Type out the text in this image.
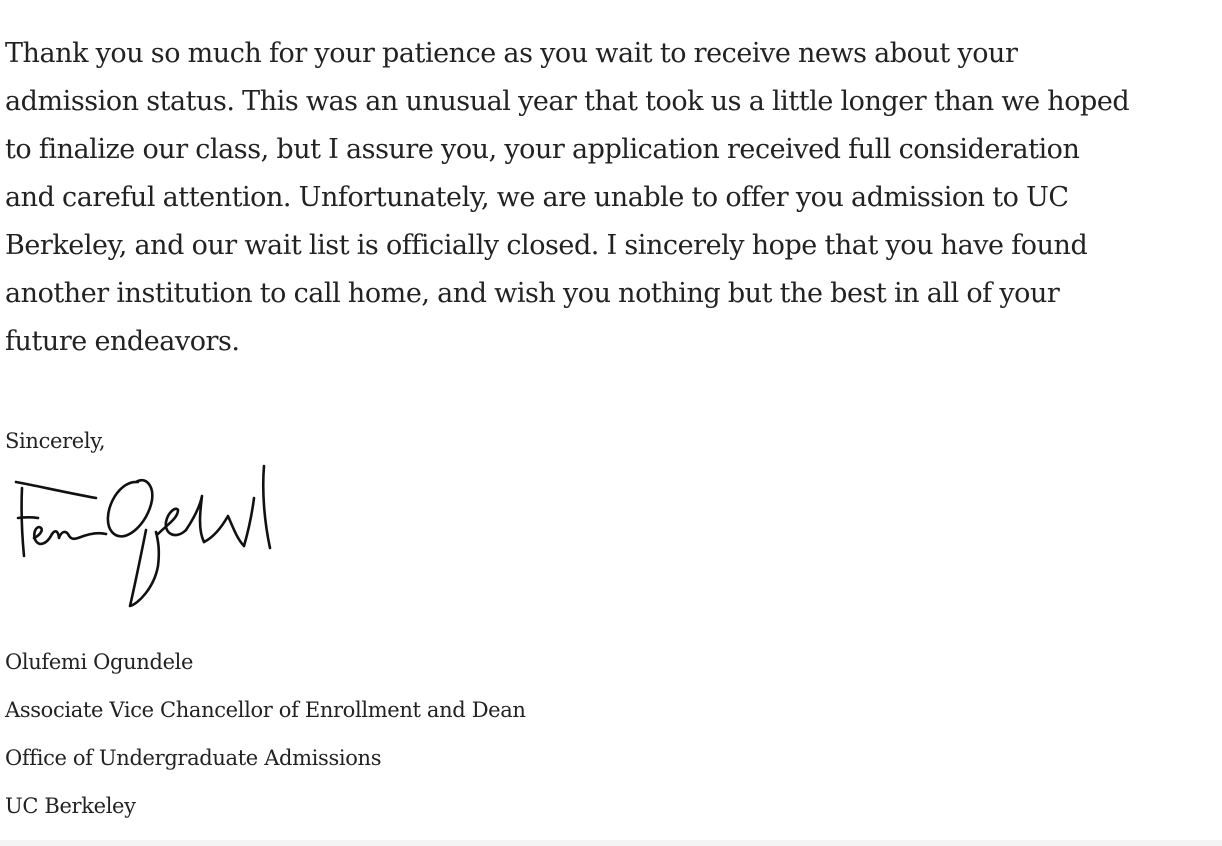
Thank you so much for your patience as you wait to receive news about your
admission status. This was an unusual year that took us a little longer than we hoped
to finalize our class, but I assure you, your application received full consideration
and careful attention. Unfortunately, we are unable to offer you admission to UC
Berkeley, and our wait list is officially closed. I sincerely hope that you have found
another institution to call home, and wish you nothing but the best in all of your
future endeavors.

Sincerely,

Olufemi Ogundele
Associate Vice Chancellor of Enrollment and Dean
Office of Undergraduate Admissions
UC Berkeley
